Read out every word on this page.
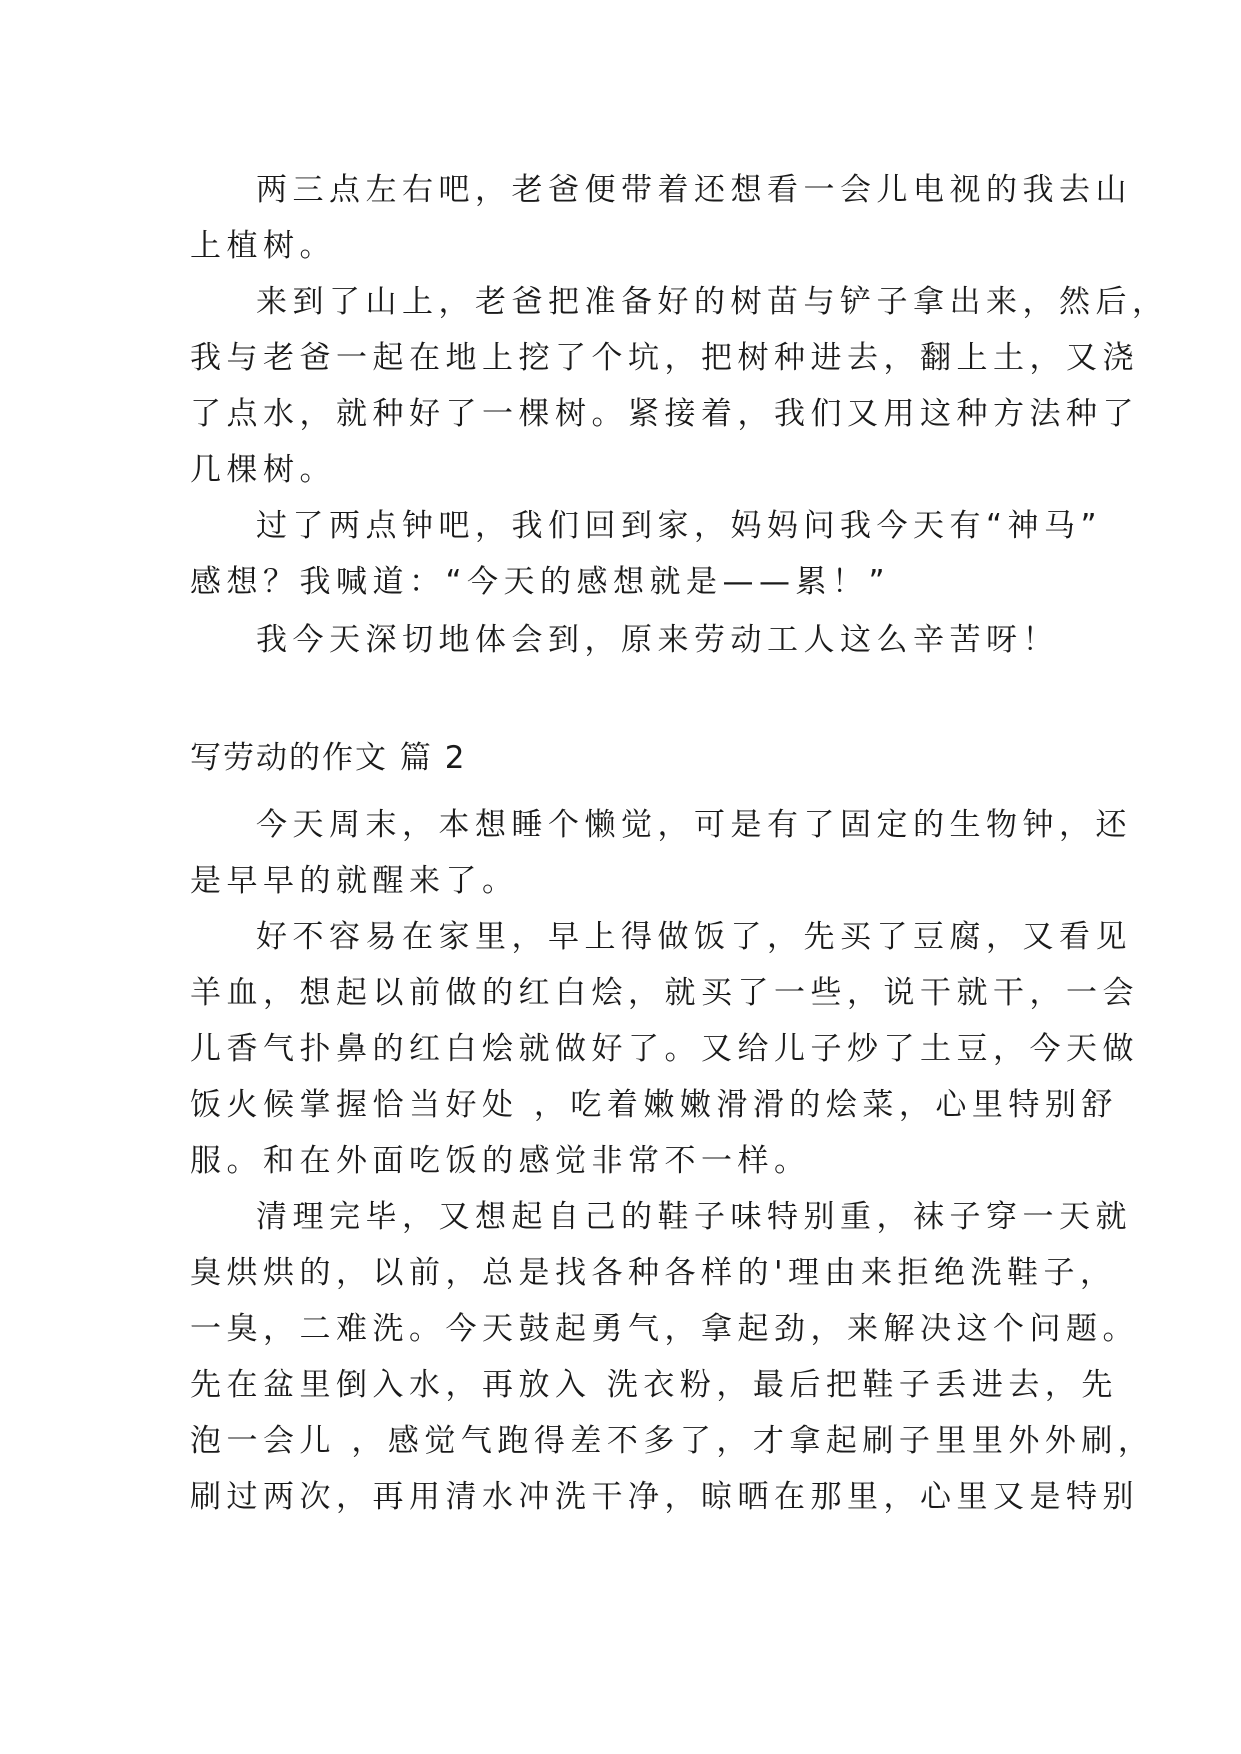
两三点左右吧，老爸便带着还想看一会儿电视的我去山
上植树。
来到了山上，老爸把准备好的树苗与铲子拿出来，然后，
我与老爸一起在地上挖了个坑，把树种进去，翻上土，又浇
了点水，就种好了一棵树。紧接着，我们又用这种方法种了
几棵树。
过了两点钟吧，我们回到家，妈妈问我今天有“神马”
感想？我喊道：“今天的感想就是——累！”
我今天深切地体会到，原来劳动工人这么辛苦呀！
写劳动的作文 篇 2
今天周末，本想睡个懒觉，可是有了固定的生物钟，还
是早早的就醒来了。
好不容易在家里，早上得做饭了，先买了豆腐，又看见
羊血，想起以前做的红白烩，就买了一些，说干就干，一会
儿香气扑鼻的红白烩就做好了。又给儿子炒了土豆，今天做
饭火候掌握恰当好处 ，吃着嫩嫩滑滑的烩菜，心里特别舒
服。和在外面吃饭的感觉非常不一样。
清理完毕，又想起自己的鞋子味特别重，袜子穿一天就
臭烘烘的，以前，总是找各种各样的'理由来拒绝洗鞋子，
一臭，二难洗。今天鼓起勇气，拿起劲，来解决这个问题。
先在盆里倒入水，再放入 洗衣粉，最后把鞋子丢进去，先
泡一会儿 ，感觉气跑得差不多了，才拿起刷子里里外外刷，
刷过两次，再用清水冲洗干净，晾晒在那里，心里又是特别
